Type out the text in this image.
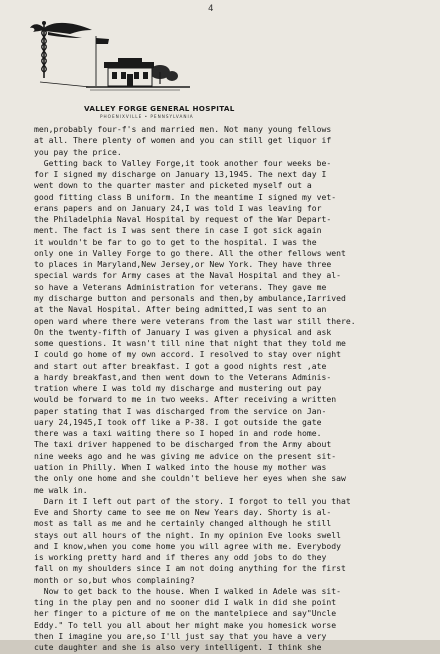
4
VALLEY FORGE GENERAL HOSPITAL
PHOENIXVILLE • PENNSYLVANIA
men,probably four-f's and married men. Not many young fellows
at all. There plenty of women and you can still get liquor if
you pay the price.
Getting back to Valley Forge,it took another four weeks be-
for I signed my discharge on January 13,1945. The next day I
went down to the quarter master and picketed myself out a
good fitting class B uniform. In the meantime I signed my vet-
erans papers and on January 24,I was told I was leaving for
the Philadelphia Naval Hospital by request of the War Depart-
ment. The fact is I was sent there in case I got sick again
it wouldn't be far to go to get to the hospital. I was the
only one in Valley Forge to go there. All the other fellows went
to places in Maryland,New Jersey,or New York. They have three
special wards for Army cases at the Naval Hospital and they al-
so have a Veterans Administration for veterans. They gave me
my discharge button and personals and then,by ambulance,Iarrived
at the Naval Hospital. After being admitted,I was sent to an
open ward where there were veterans from the last war still there.
On the twenty-fifth of January I was given a physical and ask
some questions. It wasn't till nine that night that they told me
I could go home of my own accord. I resolved to stay over night
and start out after breakfast. I got a good nights rest ,ate
a hardy breakfast,and then went down to the Veterans Adminis-
tration where I was told my discharge and mustering out pay
would be forward to me in two weeks. After receiving a written
paper stating that I was discharged from the service on Jan-
uary 24,1945,I took off like a P-38. I got outside the gate
there was a taxi waiting there so I hoped in and rode home.
The taxi driver happened to be discharged from the Army about
nine weeks ago and he was giving me advice on the present sit-
uation in Philly. When I walked into the house my mother was
the only one home and she couldn't believe her eyes when she saw
me walk in.
Darn it I left out part of the story. I forgot to tell you that
Eve and Shorty came to see me on New Years day. Shorty is al-
most as tall as me and he certainly changed although he still
stays out all hours of the night. In my opinion Eve looks swell
and I know,when you come home you will agree with me. Everybody
is working pretty hard and if theres any odd jobs to do they
fall on my shoulders since I am not doing anything for the first
month or so,but whos complaining?
Now to get back to the house. When I walked in Adele was sit-
ting in the play pen and no sooner did I walk in did she point
her finger to a picture of me on the mantelpiece and say"Uncle
Eddy." To tell you all about her might make you homesick worse
then I imagine you are,so I'll just say that you have a very
cute daughter and she is also very intelligent. I think she
